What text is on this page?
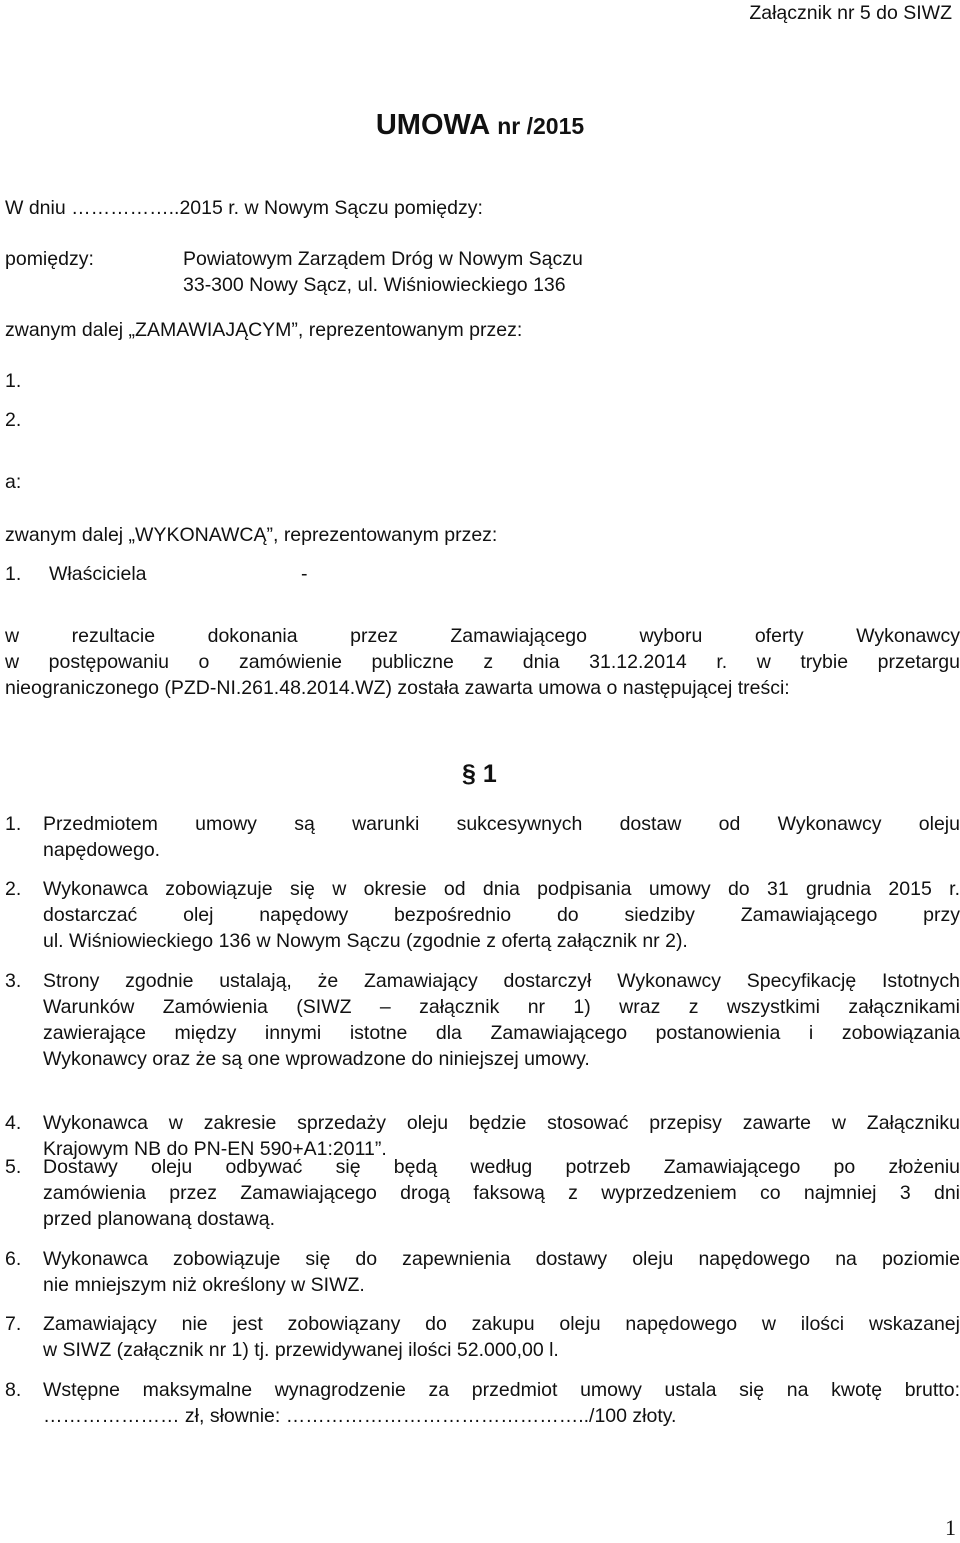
Załącznik nr 5 do SIWZ
UMOWA nr /2015
W dniu ……………..2015 r. w Nowym Sączu pomiędzy:
pomiędzy:	Powiatowym Zarządem Dróg w Nowym Sączu
33-300 Nowy Sącz, ul. Wiśniowieckiego 136
zwanym dalej „ZAMAWIAJĄCYM”, reprezentowanym przez:
1.
2.
a:
zwanym dalej „WYKONAWCĄ”, reprezentowanym przez:
1. Właściciela	-
w rezultacie dokonania przez Zamawiającego wyboru oferty Wykonawcy
w postępowaniu o zamówienie publiczne z dnia 31.12.2014 r. w trybie przetargu
nieograniczonego (PZD-NI.261.48.2014.WZ) została zawarta umowa o następującej treści:
§ 1
1. Przedmiotem umowy są warunki sukcesywnych dostaw od Wykonawcy oleju
napędowego.
2. Wykonawca zobowiązuje się w okresie od dnia podpisania umowy do 31 grudnia 2015 r.
dostarczać olej napędowy bezpośrednio do siedziby Zamawiającego przy
ul. Wiśniowieckiego 136 w Nowym Sączu (zgodnie z ofertą załącznik nr 2).
3. Strony zgodnie ustalają, że Zamawiający dostarczył Wykonawcy Specyfikację Istotnych
Warunków Zamówienia (SIWZ – załącznik nr 1) wraz z wszystkimi załącznikami
zawierające między innymi istotne dla Zamawiającego postanowienia i zobowiązania
Wykonawcy oraz że są one wprowadzone do niniejszej umowy.
4. Wykonawca w zakresie sprzedaży oleju będzie stosować przepisy zawarte w Załączniku
Krajowym NB do PN-EN 590+A1:2011”.
5. Dostawy oleju odbywać się będą według potrzeb Zamawiającego po złożeniu
zamówienia przez Zamawiającego drogą faksową z wyprzedzeniem co najmniej 3 dni
przed planowaną dostawą.
6. Wykonawca zobowiązuje się do zapewnienia dostawy oleju napędowego na poziomie
nie mniejszym niż określony w SIWZ.
7. Zamawiający nie jest zobowiązany do zakupu oleju napędowego w ilości wskazanej
w SIWZ (załącznik nr 1) tj. przewidywanej ilości 52.000,00 l.
8. Wstępne maksymalne wynagrodzenie za przedmiot umowy ustala się na kwotę brutto:
………………… zł, słownie: ………………………………………../100 złoty.
1
